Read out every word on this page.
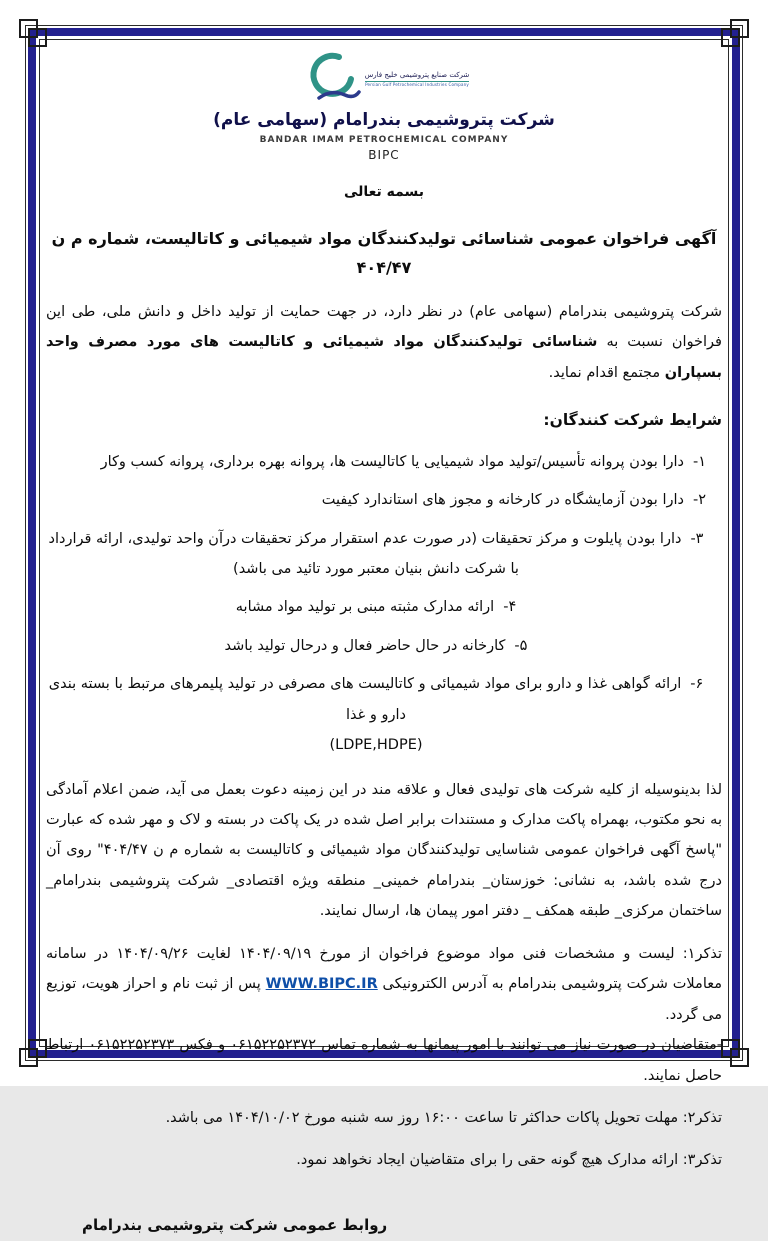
شرکت صنایع پتروشیمی خلیج فارس
Persian Gulf Petrochemical Industries Company
شرکت پتروشیمی بندرامام (سهامی عام)
BANDAR IMAM PETROCHEMICAL COMPANY
BIPC
بسمه تعالی
آگهی فراخوان عمومی شناسائی تولیدکنندگان مواد شیمیائی و کاتالیست، شماره م ن ۴۰۴/۴۷

شرکت پتروشیمی بندرامام (سهامی عام) در نظر دارد، در جهت حمایت از تولید داخل و دانش ملی، طی این فراخوان نسبت به شناسائی تولیدکنندگان مواد شیمیائی و کاتالیست های مورد مصرف واحد بسپاران مجتمع اقدام نماید.

شرایط شرکت کنندگان:
۱-دارا بودن پروانه تأسیس/تولید مواد شیمیایی یا کاتالیست ها، پروانه بهره برداری، پروانه کسب وکار
۲-دارا بودن آزمایشگاه در کارخانه و مجوز های استاندارد کیفیت
۳-دارا بودن پایلوت و مرکز تحقیقات (در صورت عدم استقرار مرکز تحقیقات درآن واحد تولیدی، ارائه قرارداد با شرکت دانش بنیان معتبر مورد تائید می باشد)
۴-ارائه مدارک مثبته مبنی بر تولید مواد مشابه
۵-کارخانه در حال حاضر فعال و درحال تولید باشد
۶-ارائه گواهی غذا و دارو برای مواد شیمیائی و کاتالیست های مصرفی در تولید پلیمرهای مرتبط با بسته بندی دارو و غذا
(LDPE,HDPE)

لذا بدینوسیله از کلیه شرکت های تولیدی فعال و علاقه مند در این زمینه دعوت بعمل می آید، ضمن اعلام آمادگی به نحو مکتوب، بهمراه پاکت مدارک و مستندات برابر اصل شده در یک پاکت در بسته و لاک و مهر شده که عبارت "پاسخ آگهی فراخوان عمومی شناسایی تولیدکنندگان مواد شیمیائی و کاتالیست به شماره م ن ۴۰۴/۴۷" روی آن درج شده باشد، به نشانی: خوزستان_ بندرامام خمینی_ منطقه ویژه اقتصادی_ شرکت پتروشیمی بندرامام_ ساختمان مرکزی_ طبقه همکف _ دفتر امور پیمان ها، ارسال نمایند.

تذکر۱: لیست و مشخصات فنی مواد موضوع فراخوان از مورخ ۱۴۰۴/۰۹/۱۹ لغایت ۱۴۰۴/۰۹/۲۶ در سامانه معاملات شرکت پتروشیمی بندرامام به آدرس الکترونیکی WWW.BIPC.IR پس از ثبت نام و احراز هویت، توزیع می گردد.
-متقاضیان در صورت نیاز می توانند با امور پیمانها به شماره تماس ۰۶۱۵۲۲۵۲۳۷۲ و فکس ۰۶۱۵۲۲۵۲۳۷۳ ارتباط حاصل نمایند.

تذکر۲: مهلت تحویل پاکات حداکثر تا ساعت ۱۶:۰۰ روز سه شنبه مورخ ۱۴۰۴/۱۰/۰۲ می باشد.

تذکر۳: ارائه مدارک هیچ گونه حقی را برای متقاضیان ایجاد نخواهد نمود.

روابط عمومی شرکت پتروشیمی بندرامام
